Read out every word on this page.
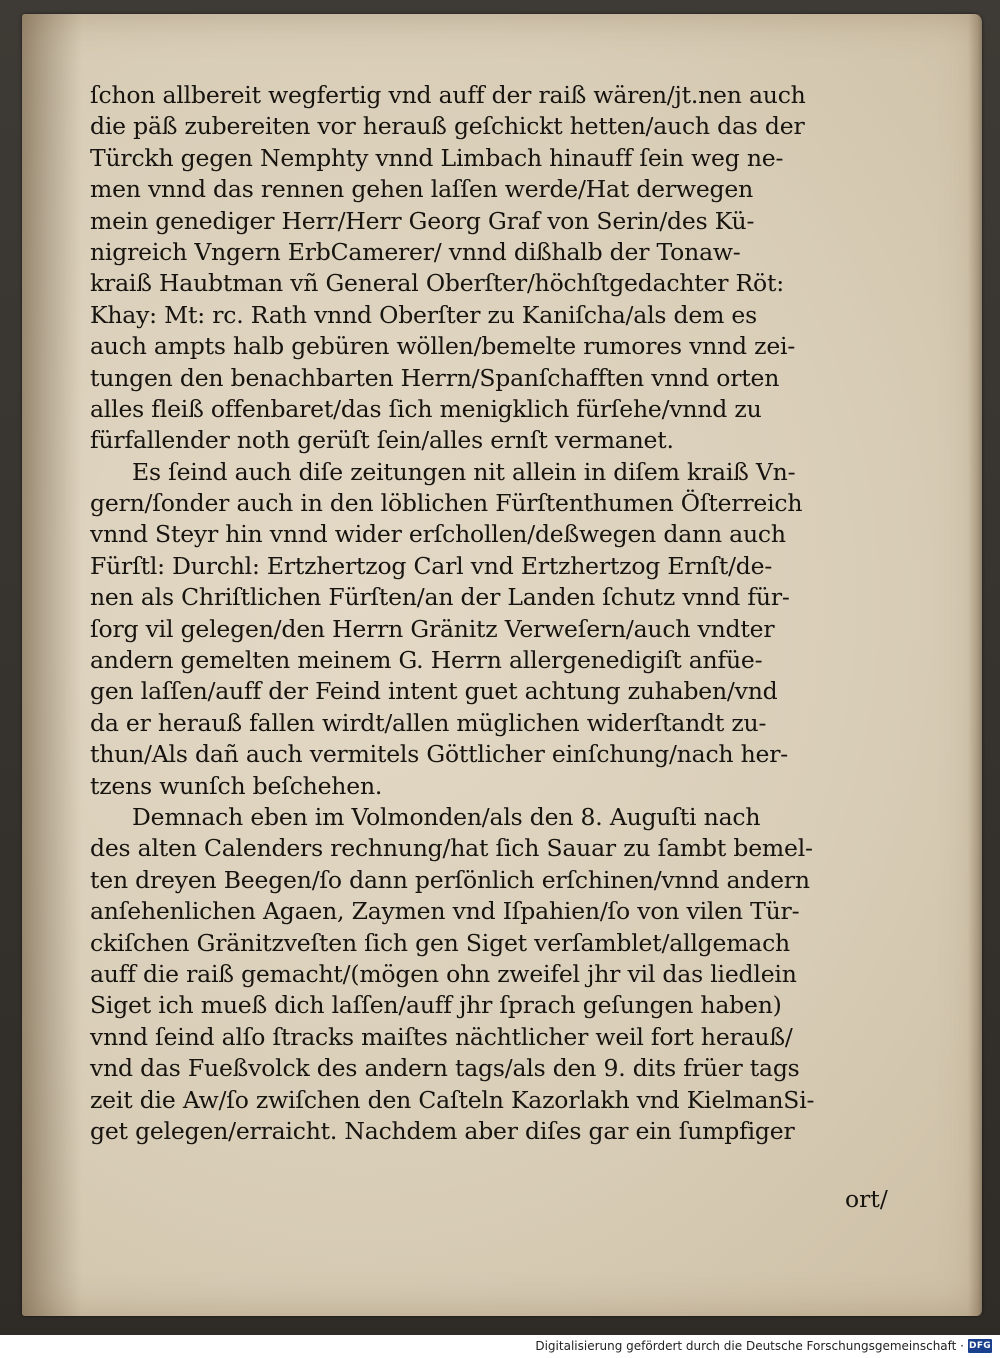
ſchon allbereit wegfertig vnd auff der raiß wären/jt.nen auch
die päß zubereiten vor herauß geſchickt hetten/auch das der
Türckh gegen Nemphty vnnd Limbach hinauff ſein weg ne-
men vnnd das rennen gehen laſſen werde/Hat derwegen
mein genediger Herr/Herr Georg Graf von Serin/des Kü-
nigreich Vngern ErbCamerer/ vnnd dißhalb der Tonaw-
kraiß Haubtman vñ General Oberſter/höchſtgedachter Röt:
Khay: Mt: rc. Rath vnnd Oberſter zu Kaniſcha/als dem es
auch ampts halb gebüren wöllen/bemelte rumores vnnd zei-
tungen den benachbarten Herrn/Spanſchafften vnnd orten
alles fleiß offenbaret/das ſich menigklich fürſehe/vnnd zu
fürfallender noth gerüſt ſein/alles ernſt vermanet.
Es ſeind auch diſe zeitungen nit allein in diſem kraiß Vn-
gern/ſonder auch in den löblichen Fürſtenthumen Öſterreich
vnnd Steyr hin vnnd wider erſchollen/deßwegen dann auch
Fürſtl: Durchl: Ertzhertzog Carl vnd Ertzhertzog Ernſt/de-
nen als Chriſtlichen Fürſten/an der Landen ſchutz vnnd für-
ſorg vil gelegen/den Herrn Gränitz Verweſern/auch vndter
andern gemelten meinem G. Herrn allergenedigiſt anfüe-
gen laſſen/auff der Feind intent guet achtung zuhaben/vnd
da er herauß fallen wirdt/allen müglichen widerſtandt zu-
thun/Als dañ auch vermitels Göttlicher einſchung/nach her-
tzens wunſch beſchehen.
Demnach eben im Volmonden/als den 8. Auguſti nach
des alten Calenders rechnung/hat ſich Sauar zu ſambt bemel-
ten dreyen Beegen/ſo dann perſönlich erſchinen/vnnd andern
anſehenlichen Agaen, Zaymen vnd Iſpahien/ſo von vilen Tür-
ckiſchen Gränitzveſten ſich gen Siget verſamblet/allgemach
auff die raiß gemacht/(mögen ohn zweifel jhr vil das liedlein
Siget ich mueß dich laſſen/auff jhr ſprach geſungen haben)
vnnd ſeind alſo ſtracks maiſtes nächtlicher weil fort herauß/
vnd das Fueßvolck des andern tags/als den 9. dits früer tags
zeit die Aw/ſo zwiſchen den Caſteln Kazorlakh vnd KielmanSi-
get gelegen/erraicht. Nachdem aber diſes gar ein ſumpfiger
ort/
Digitalisierung gefördert durch die Deutsche Forschungsgemeinschaft · DFG
